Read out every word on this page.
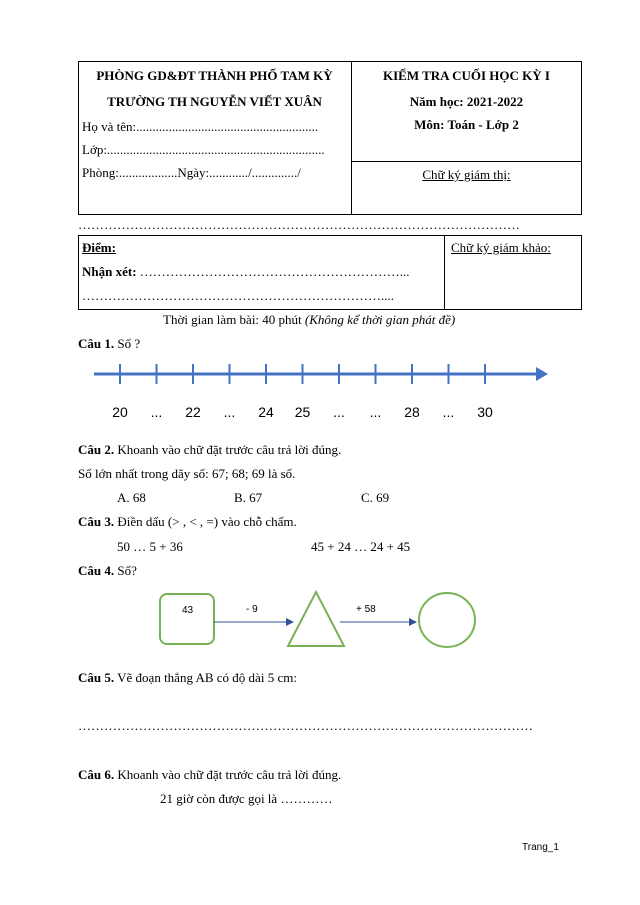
PHÒNG GD&ĐT THÀNH PHỐ TAM KỲ
TRƯỜNG TH NGUYỄN VIẾT XUÂN
Họ và tên:........................................................
Lớp:...................................................................
Phòng:..................Ngày:............/............../
KIỂM TRA CUỐI HỌC KỲ I
Năm học: 2021-2022
Môn: Toán - Lớp 2
Chữ ký giám thị:
…………………………………………………………………………………………
Điểm:
Nhận xét: ……………………………………………………...
……………………………………………………………....
Chữ ký giám khảo:
Thời gian làm bài: 40 phút (Không kể thời gian phát đề)
Câu 1. Số ?
20	...	22	...	24	25	...	...	28	...	30
Câu 2. Khoanh vào chữ đặt trước câu trả lời đúng.
Số lớn nhất trong dãy số: 67; 68; 69 là số.
A. 68	B. 67	C. 69
Câu 3. Điền dấu (> , < , =) vào chỗ chấm.
50 … 5 + 36	45 + 24 … 24 + 45
Câu 4. Số?
43	- 9	+ 58
Câu 5. Vẽ đoạn thẳng AB có độ dài 5 cm:
……………………………………………………………………………………………
Câu 6. Khoanh vào chữ đặt trước câu trả lời đúng.
21 giờ còn được gọi là …………
Trang_1
